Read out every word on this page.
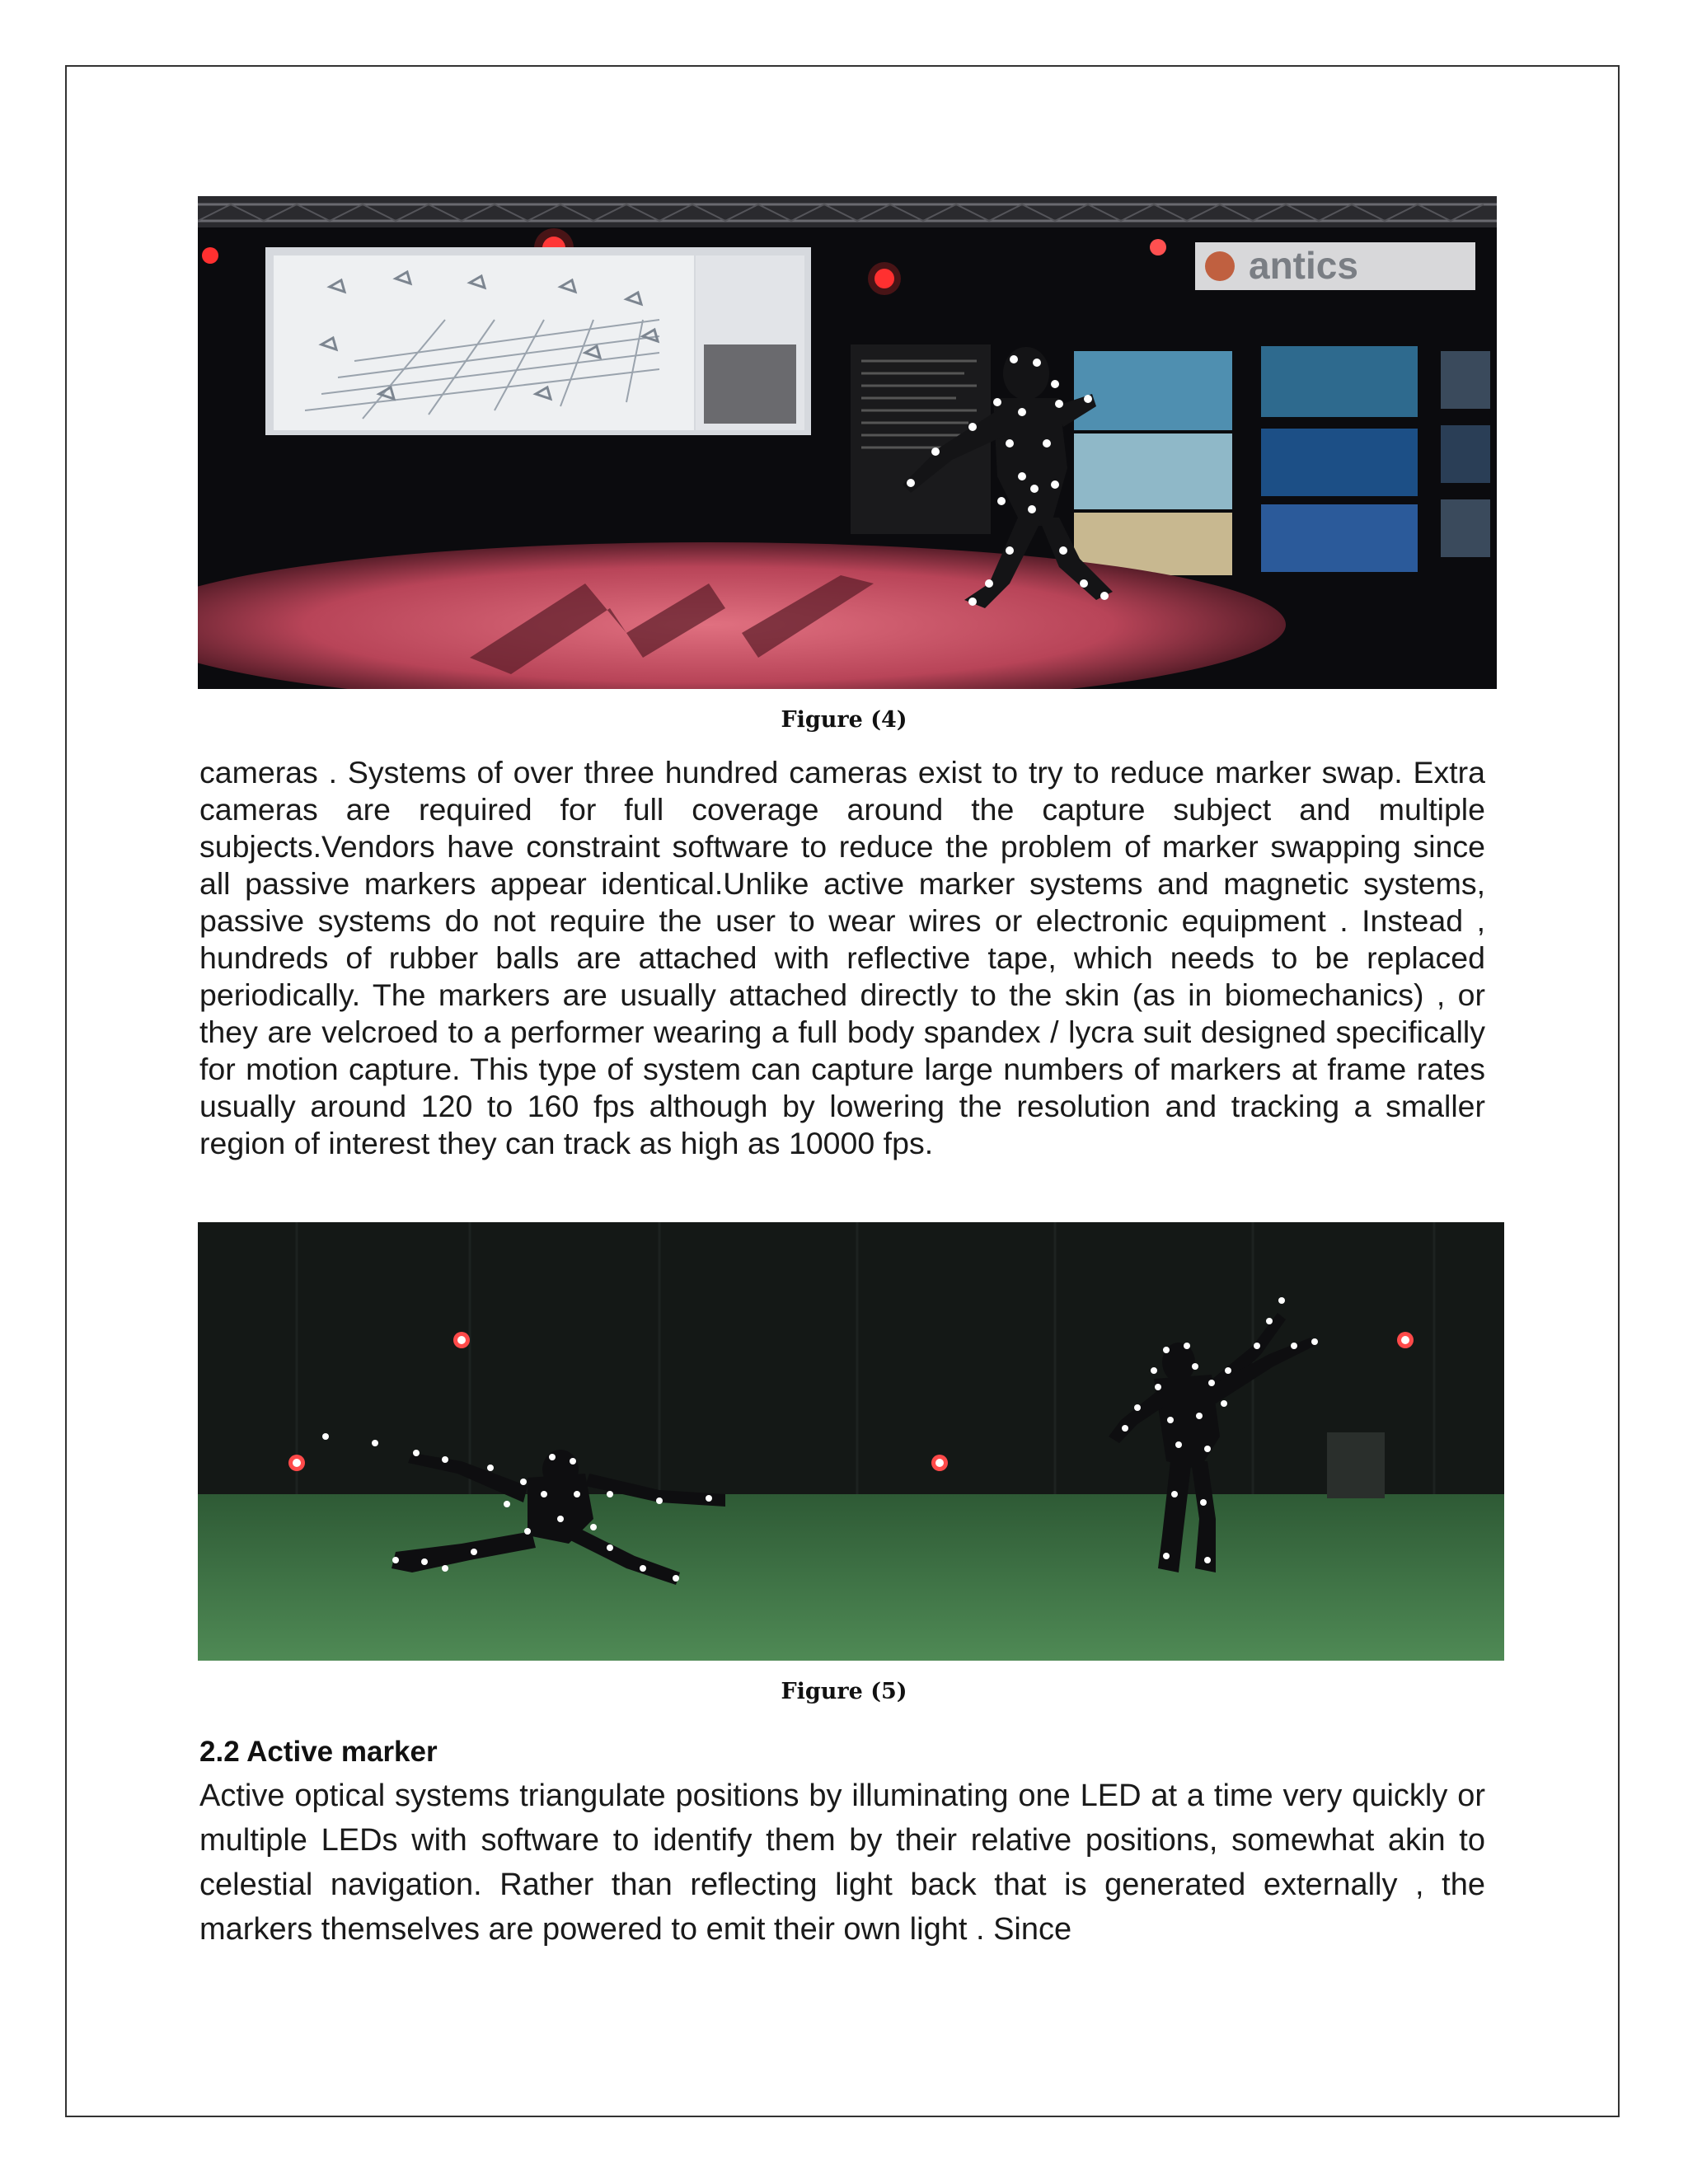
antics
Figure (4)
cameras . Systems of over three hundred cameras exist to try to reduce marker swap. Extra cameras are required for full coverage around the capture subject and multiple subjects.Vendors have constraint software to reduce the problem of marker swapping since all passive markers appear identical.Unlike active marker systems and magnetic systems, passive systems do not require the user to wear wires or electronic equipment . Instead , hundreds of rubber balls are attached with reflective tape, which needs to be replaced periodically. The markers are usually attached directly to the skin (as in biomechanics) , or they are velcroed to a performer wearing a full body spandex / lycra suit designed specifically for motion capture. This type of system can capture large numbers of markers at frame rates usually around 120 to 160 fps although by lowering the resolution and tracking a smaller region of interest they can track as high as 10000 fps.
Figure (5)
2.2 Active marker
Active optical systems triangulate positions by illuminating one LED at a time very quickly or multiple LEDs with software to identify them by their relative positions, somewhat akin to celestial navigation. Rather than reflecting light back that is generated externally , the markers themselves are powered to emit their own light . Since
